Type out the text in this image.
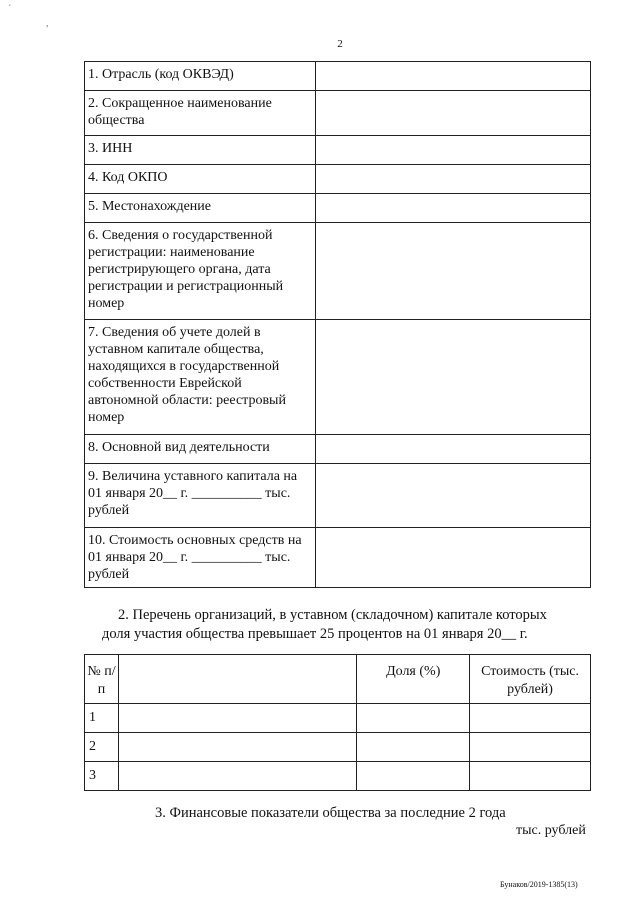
´
,
2
1. Отрасль (код ОКВЭД)	
2. Сокращенное наименование общества	
3. ИНН	
4. Код ОКПО	
5. Местонахождение	
6. Сведения о государственной регистрации: наименование регистрирующего органа, дата регистрации и регистрационный номер	
7. Сведения об учете долей в уставном капитале общества, находящихся в государственной собственности Еврейской автономной области: реестровый номер	
8. Основной вид деятельности	
9. Величина уставного капитала на 01 января 20__ г. __________ тыс. рублей	
10. Стоимость основных средств на 01 января 20__ г. __________ тыс. рублей	
2. Перечень организаций, в уставном (складочном) капитале которых
доля участия общества превышает 25 процентов на 01 января 20__ г.
№ п/п		Доля (%)	Стоимость (тыс. рублей)
1			
2			
3			
3. Финансовые показатели общества за последние 2 года
тыс. рублей
Бунаков/2019-1385(13)
